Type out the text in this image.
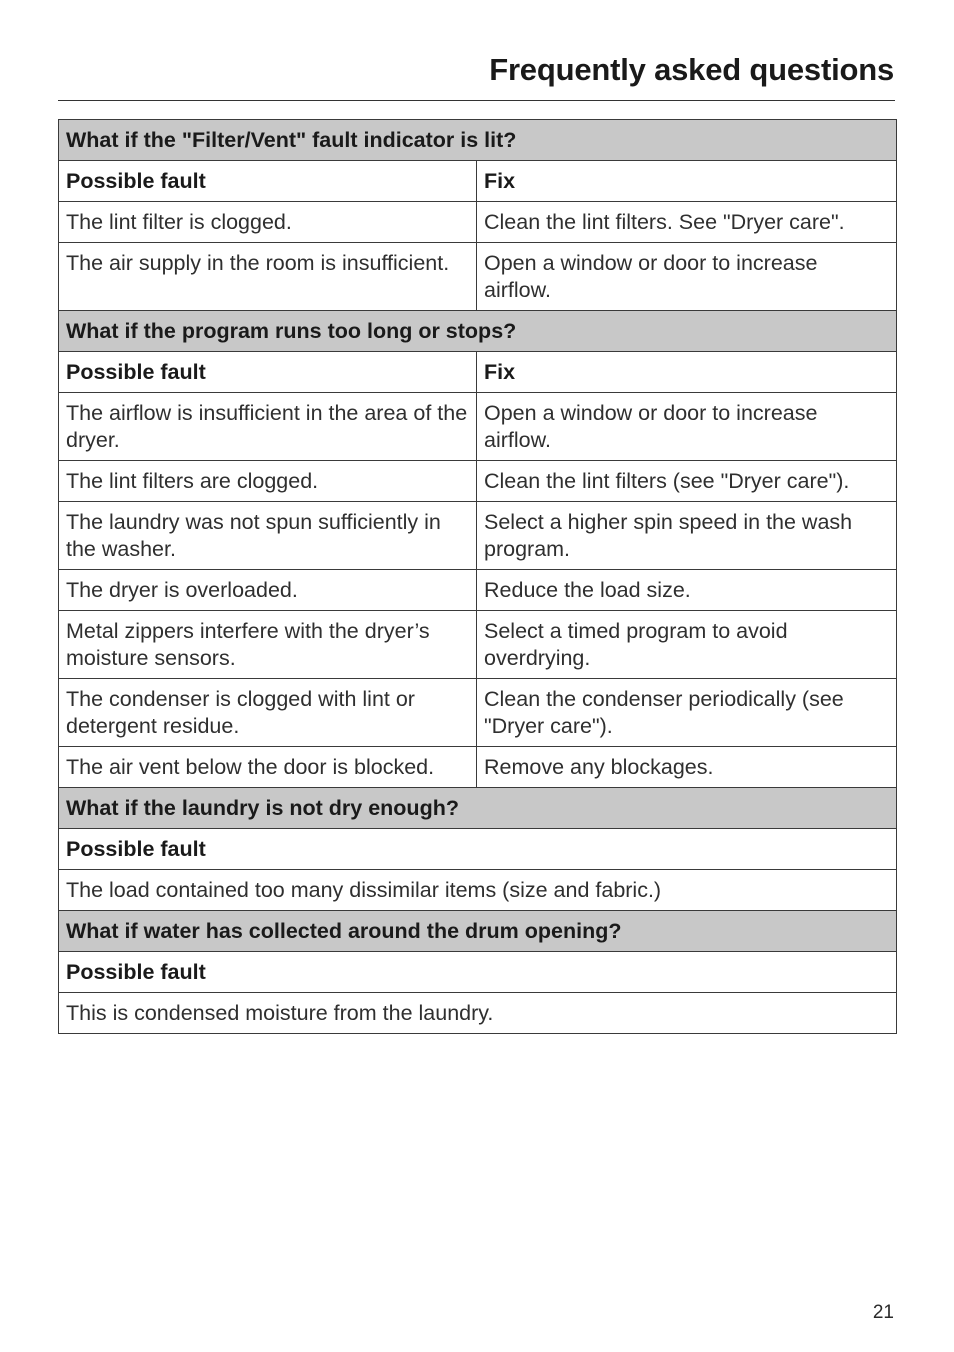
Frequently asked questions
What if the "Filter/Vent" fault indicator is lit?	
Possible fault	Fix
The lint filter is clogged.	Clean the lint filters. See "Dryer care".
The air supply in the room is insufficient.	Open a window or door to increase airflow.
What if the program runs too long or stops?	
Possible fault	Fix
The airflow is insufficient in the area of the dryer.	Open a window or door to increase airflow.
The lint filters are clogged.	Clean the lint filters (see "Dryer care").
The laundry was not spun sufficiently in the washer.	Select a higher spin speed in the wash program.
The dryer is overloaded.	Reduce the load size.
Metal zippers interfere with the dryer’s moisture sensors.	Select a timed program to avoid overdrying.
The condenser is clogged with lint or detergent residue.	Clean the condenser periodically (see "Dryer care").
The air vent below the door is blocked.	Remove any blockages.
What if the laundry is not dry enough?	
Possible fault	
The load contained too many dissimilar items (size and fabric.)	
What if water has collected around the drum opening?	
Possible fault	
This is condensed moisture from the laundry.	
21
